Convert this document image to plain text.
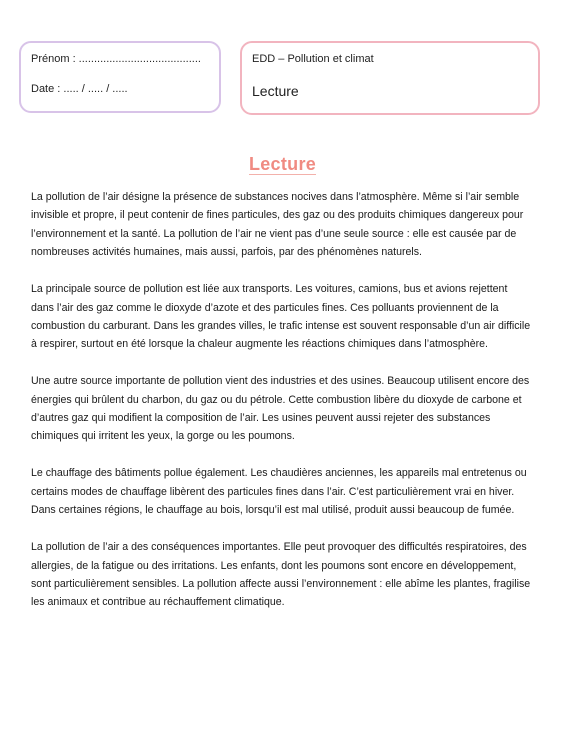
Prénom : ........................................
Date : ..... / ..... / .....
EDD – Pollution et climat
Lecture
Lecture

La pollution de l’air désigne la présence de substances nocives dans l’atmosphère. Même si l’air semble invisible et propre, il peut contenir de fines particules, des gaz ou des produits chimiques dangereux pour l’environnement et la santé. La pollution de l’air ne vient pas d’une seule source : elle est causée par de nombreuses activités humaines, mais aussi, parfois, par des phénomènes naturels.

La principale source de pollution est liée aux transports. Les voitures, camions, bus et avions rejettent dans l’air des gaz comme le dioxyde d’azote et des particules fines. Ces polluants proviennent de la combustion du carburant. Dans les grandes villes, le trafic intense est souvent responsable d’un air difficile à respirer, surtout en été lorsque la chaleur augmente les réactions chimiques dans l’atmosphère.

Une autre source importante de pollution vient des industries et des usines. Beaucoup utilisent encore des énergies qui brûlent du charbon, du gaz ou du pétrole. Cette combustion libère du dioxyde de carbone et d’autres gaz qui modifient la composition de l’air. Les usines peuvent aussi rejeter des substances chimiques qui irritent les yeux, la gorge ou les poumons.

Le chauffage des bâtiments pollue également. Les chaudières anciennes, les appareils mal entretenus ou certains modes de chauffage libèrent des particules fines dans l’air. C’est particulièrement vrai en hiver. Dans certaines régions, le chauffage au bois, lorsqu’il est mal utilisé, produit aussi beaucoup de fumée.

La pollution de l’air a des conséquences importantes. Elle peut provoquer des difficultés respiratoires, des allergies, de la fatigue ou des irritations. Les enfants, dont les poumons sont encore en développement, sont particulièrement sensibles. La pollution affecte aussi l’environnement : elle abîme les plantes, fragilise les animaux et contribue au réchauffement climatique.
